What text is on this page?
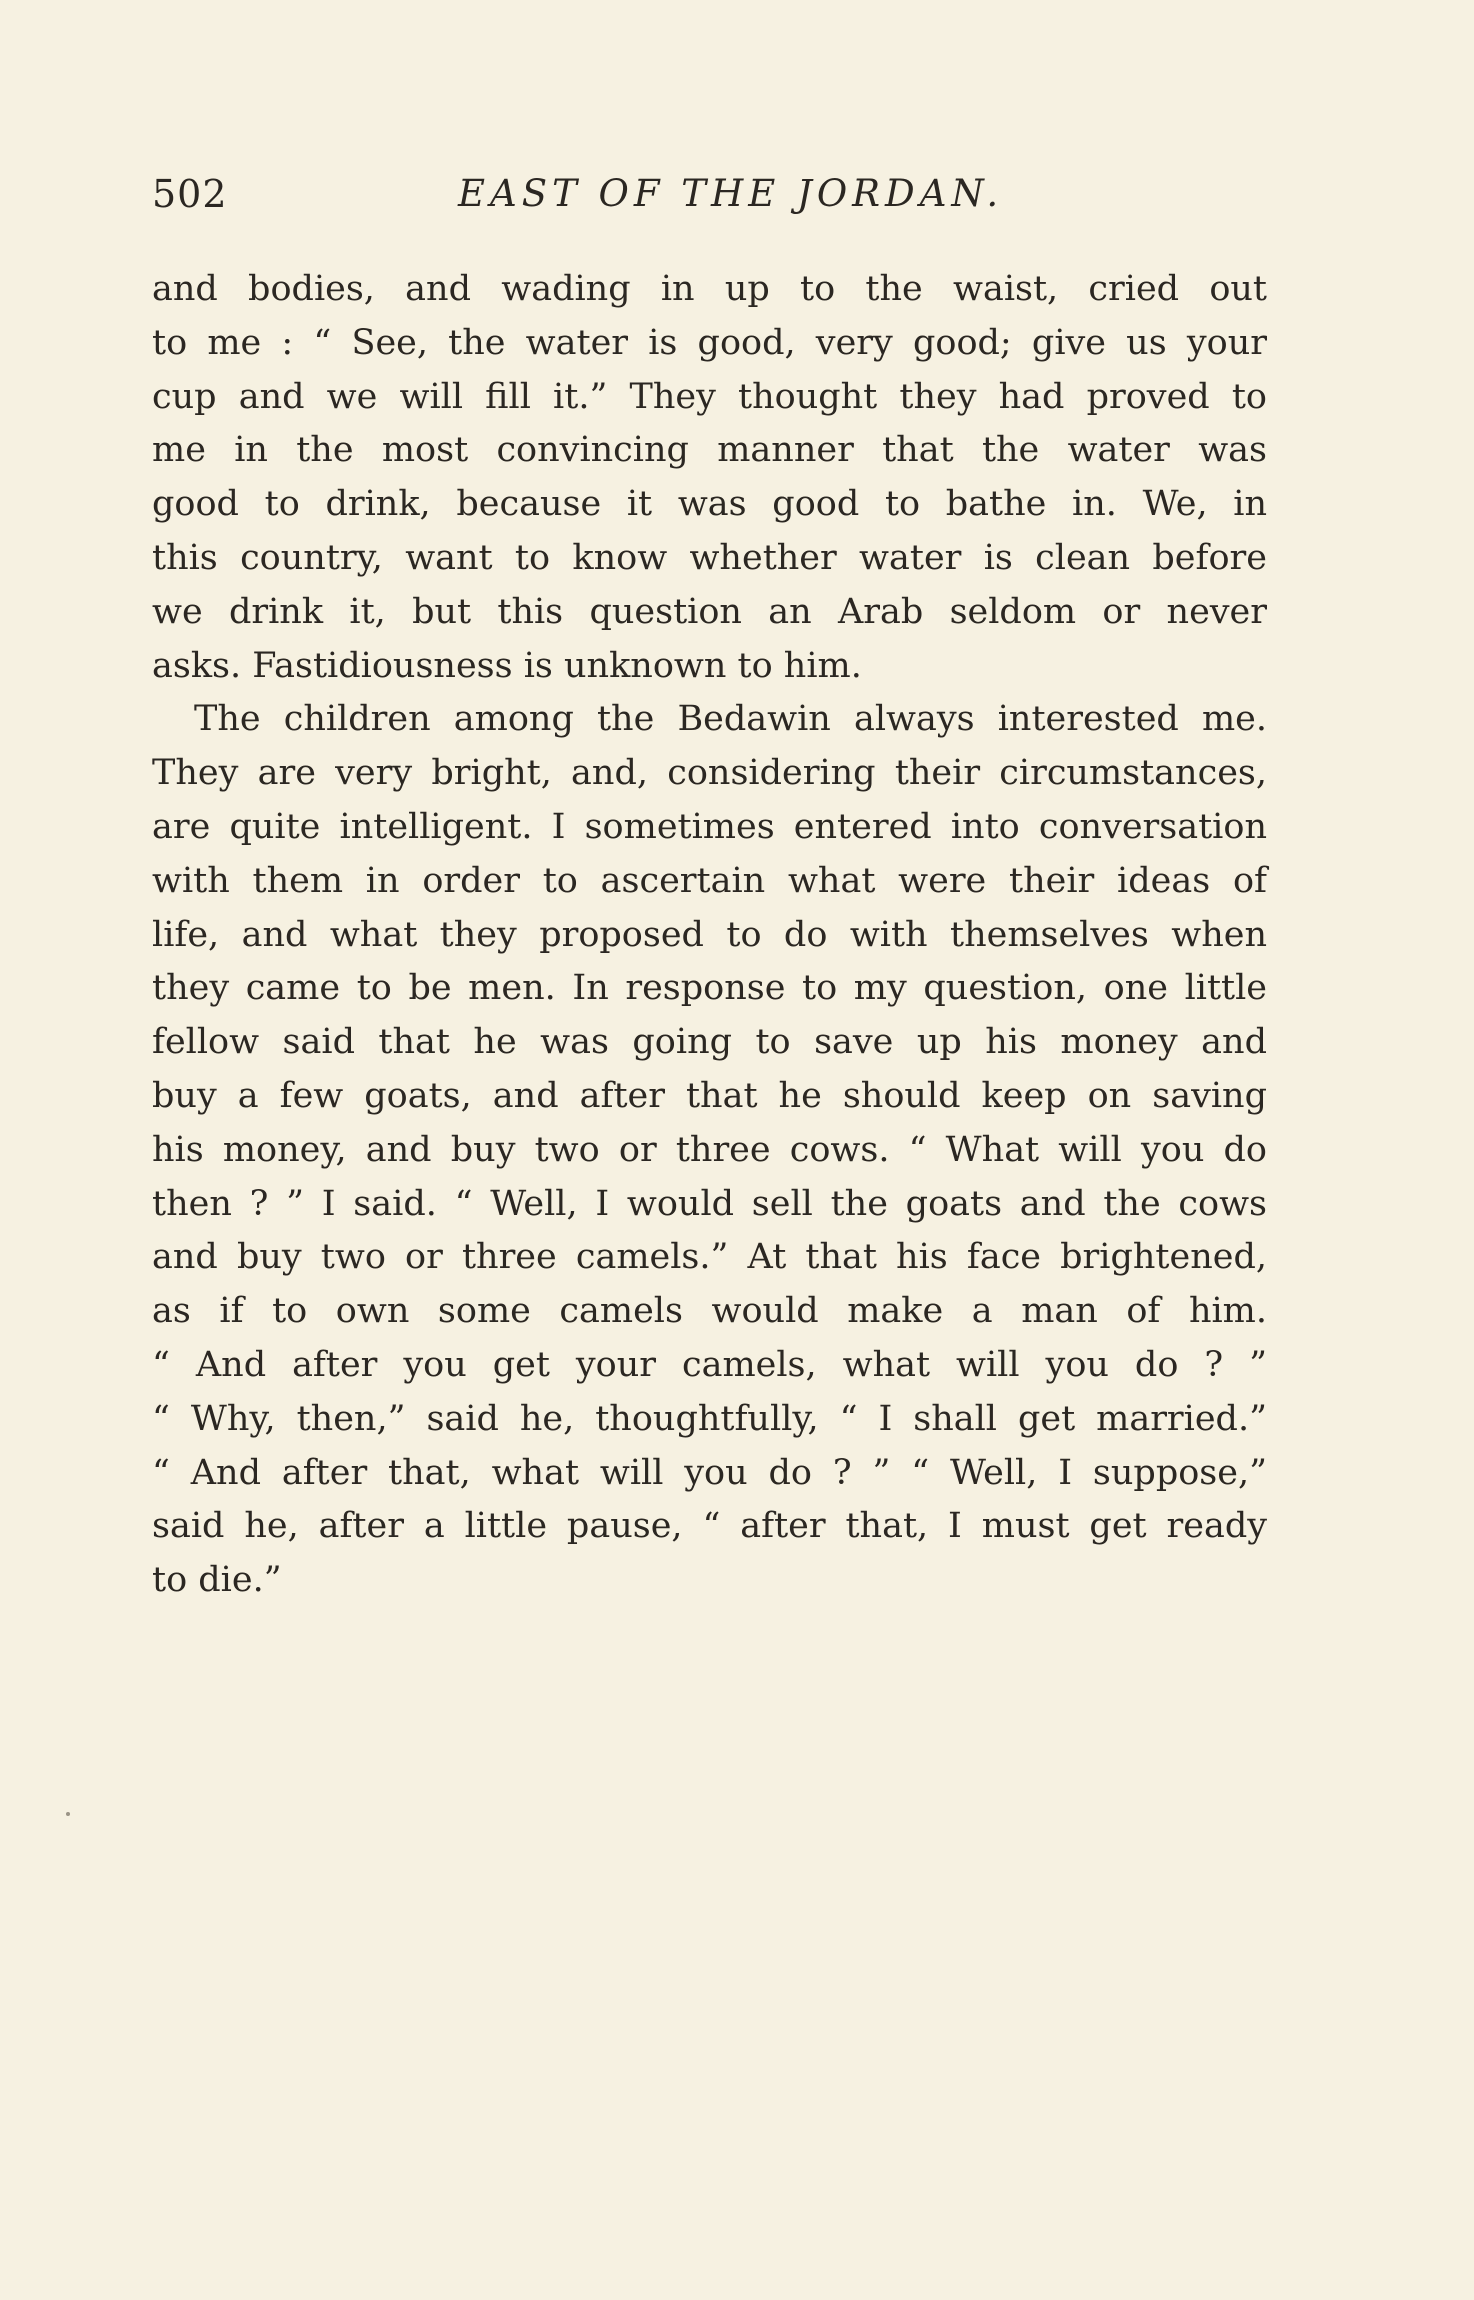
502	EAST OF THE JORDAN.
and bodies, and wading in up to the waist, cried out
to me : “ See, the water is good, very good; give us your
cup and we will fill it.” They thought they had proved to
me in the most convincing manner that the water was
good to drink, because it was good to bathe in. We, in
this country, want to know whether water is clean before
we drink it, but this question an Arab seldom or never
asks. Fastidiousness is unknown to him.
The children among the Bedawin always interested me.
They are very bright, and, considering their circumstances,
are quite intelligent. I sometimes entered into conversation
with them in order to ascertain what were their ideas of
life, and what they proposed to do with themselves when
they came to be men. In response to my question, one little
fellow said that he was going to save up his money and
buy a few goats, and after that he should keep on saving
his money, and buy two or three cows. “ What will you do
then ? ” I said. “ Well, I would sell the goats and the cows
and buy two or three camels.” At that his face brightened,
as if to own some camels would make a man of him.
“ And after you get your camels, what will you do ? ”
“ Why, then,” said he, thoughtfully, “ I shall get married.”
“ And after that, what will you do ? ” “ Well, I suppose,”
said he, after a little pause, “ after that, I must get ready
to die.”
